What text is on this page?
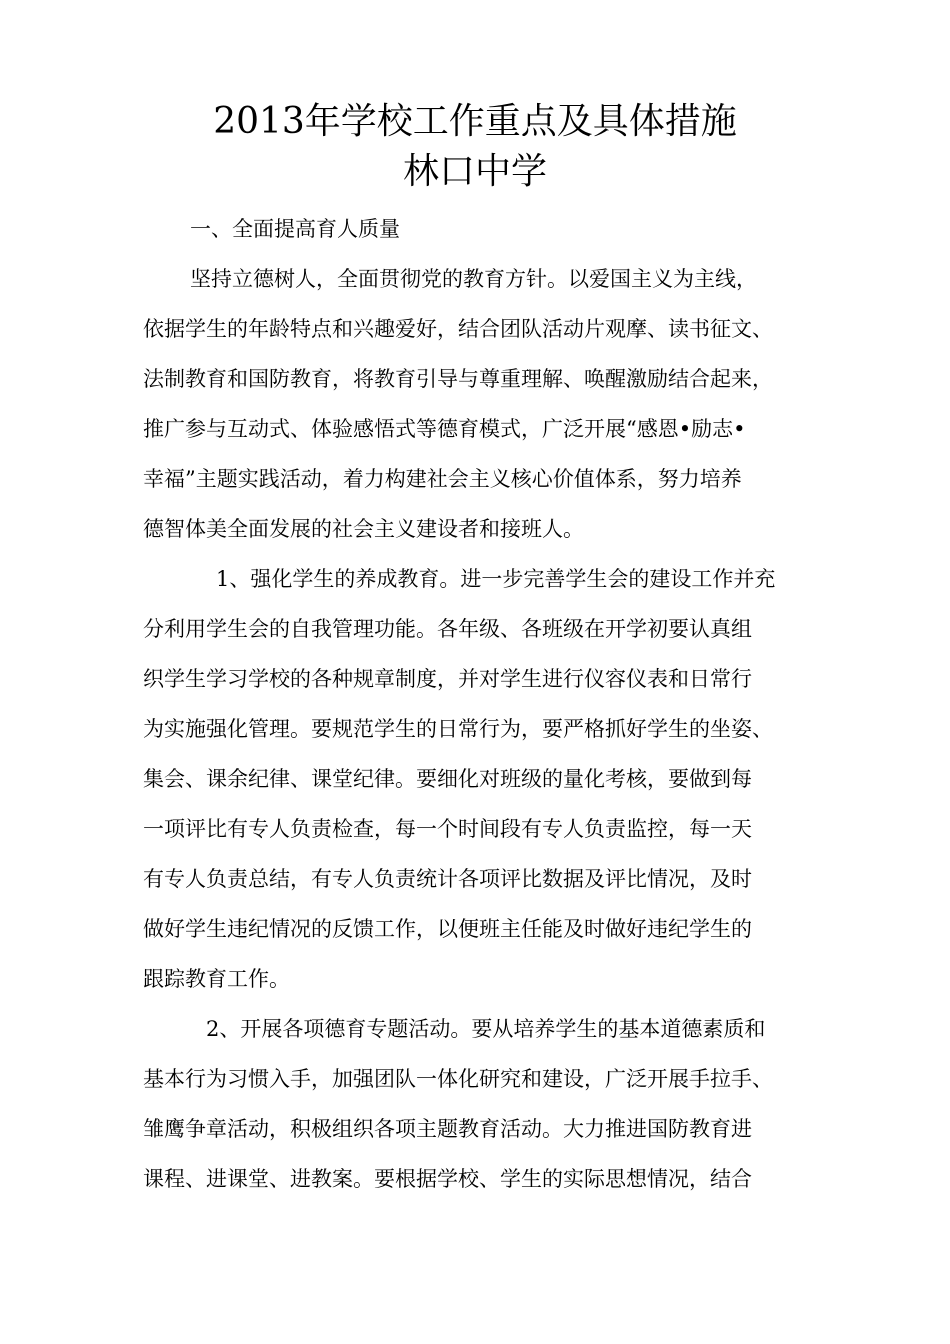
2013年学校工作重点及具体措施
林口中学
一、全面提高育人质量
坚持立德树人，全面贯彻党的教育方针。以爱国主义为主线，
依据学生的年龄特点和兴趣爱好，结合团队活动片观摩、读书征文、
法制教育和国防教育，将教育引导与尊重理解、唤醒激励结合起来，
推广参与互动式、体验感悟式等德育模式，广泛开展“感恩•励志•
幸福”主题实践活动，着力构建社会主义核心价值体系，努力培养
德智体美全面发展的社会主义建设者和接班人。
1、强化学生的养成教育。进一步完善学生会的建设工作并充
分利用学生会的自我管理功能。各年级、各班级在开学初要认真组
织学生学习学校的各种规章制度，并对学生进行仪容仪表和日常行
为实施强化管理。要规范学生的日常行为，要严格抓好学生的坐姿、
集会、课余纪律、课堂纪律。要细化对班级的量化考核，要做到每
一项评比有专人负责检查，每一个时间段有专人负责监控，每一天
有专人负责总结，有专人负责统计各项评比数据及评比情况，及时
做好学生违纪情况的反馈工作，以便班主任能及时做好违纪学生的
跟踪教育工作。
2、开展各项德育专题活动。要从培养学生的基本道德素质和
基本行为习惯入手，加强团队一体化研究和建设，广泛开展手拉手、
雏鹰争章活动，积极组织各项主题教育活动。大力推进国防教育进
课程、进课堂、进教案。要根据学校、学生的实际思想情况，结合
